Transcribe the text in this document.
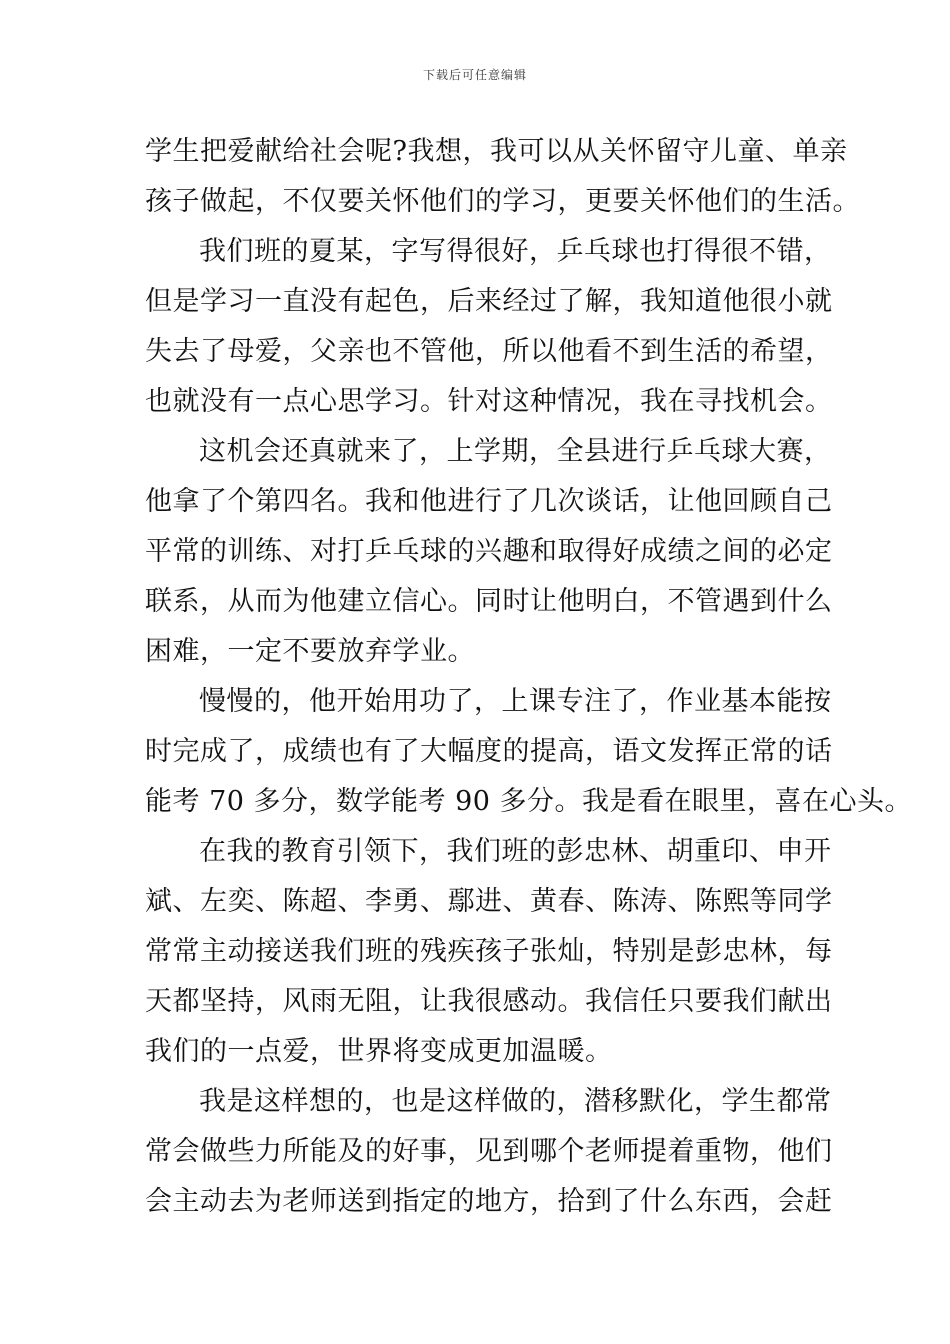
下载后可任意编辑
学生把爱献给社会呢?我想，我可以从关怀留守儿童、单亲
孩子做起，不仅要关怀他们的学习，更要关怀他们的生活。
我们班的夏某，字写得很好，乒乓球也打得很不错，
但是学习一直没有起色，后来经过了解，我知道他很小就
失去了母爱，父亲也不管他，所以他看不到生活的希望，
也就没有一点心思学习。针对这种情况，我在寻找机会。
这机会还真就来了，上学期，全县进行乒乓球大赛，
他拿了个第四名。我和他进行了几次谈话，让他回顾自己
平常的训练、对打乒乓球的兴趣和取得好成绩之间的必定
联系，从而为他建立信心。同时让他明白，不管遇到什么
困难，一定不要放弃学业。
慢慢的，他开始用功了，上课专注了，作业基本能按
时完成了，成绩也有了大幅度的提高，语文发挥正常的话
能考 70 多分，数学能考 90 多分。我是看在眼里，喜在心头。
在我的教育引领下，我们班的彭忠林、胡重印、申开
斌、左奕、陈超、李勇、鄢进、黄春、陈涛、陈熙等同学
常常主动接送我们班的残疾孩子张灿，特别是彭忠林，每
天都坚持，风雨无阻，让我很感动。我信任只要我们献出
我们的一点爱，世界将变成更加温暖。
我是这样想的，也是这样做的，潜移默化，学生都常
常会做些力所能及的好事，见到哪个老师提着重物，他们
会主动去为老师送到指定的地方，拾到了什么东西，会赶
